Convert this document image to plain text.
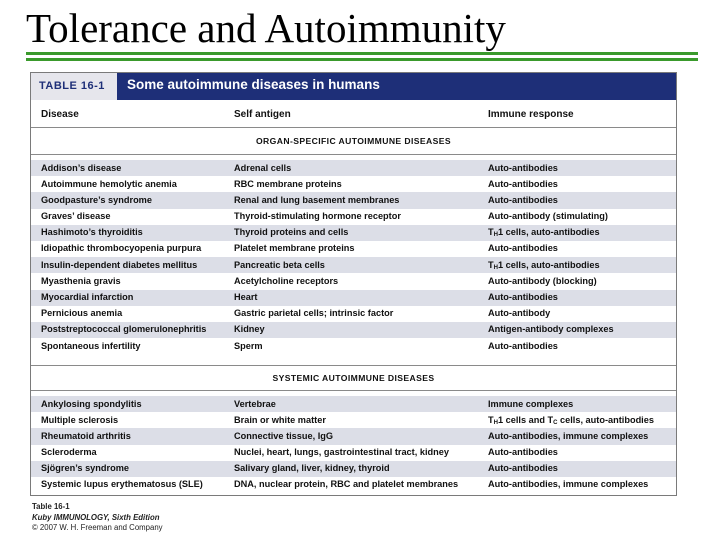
Tolerance and Autoimmunity
TABLE 16-1	Some autoimmune diseases in humans
Disease	Self antigen	Immune response
ORGAN-SPECIFIC AUTOIMMUNE DISEASES
Addison’s disease	Adrenal cells	Auto-antibodies
Autoimmune hemolytic anemia	RBC membrane proteins	Auto-antibodies
Goodpasture’s syndrome	Renal and lung basement membranes	Auto-antibodies
Graves’ disease	Thyroid-stimulating hormone receptor	Auto-antibody (stimulating)
Hashimoto’s thyroiditis	Thyroid proteins and cells	$T_H1$ cells, auto-antibodies
Idiopathic thrombocyopenia purpura	Platelet membrane proteins	Auto-antibodies
Insulin-dependent diabetes mellitus	Pancreatic beta cells	$T_H1$ cells, auto-antibodies
Myasthenia gravis	Acetylcholine receptors	Auto-antibody (blocking)
Myocardial infarction	Heart	Auto-antibodies
Pernicious anemia	Gastric parietal cells; intrinsic factor	Auto-antibody
Poststreptococcal glomerulonephritis	Kidney	Antigen-antibody complexes
Spontaneous infertility	Sperm	Auto-antibodies
SYSTEMIC AUTOIMMUNE DISEASES
Ankylosing spondylitis	Vertebrae	Immune complexes
Multiple sclerosis	Brain or white matter	$T_H1$ cells and $T_C$ cells, auto-antibodies
Rheumatoid arthritis	Connective tissue, IgG	Auto-antibodies, immune complexes
Scleroderma	Nuclei, heart, lungs, gastrointestinal tract, kidney	Auto-antibodies
Sjögren’s syndrome	Salivary gland, liver, kidney, thyroid	Auto-antibodies
Systemic lupus erythematosus (SLE)	DNA, nuclear protein, RBC and platelet membranes	Auto-antibodies, immune complexes
Table 16-1
Kuby IMMUNOLOGY, Sixth Edition
© 2007 W. H. Freeman and Company
